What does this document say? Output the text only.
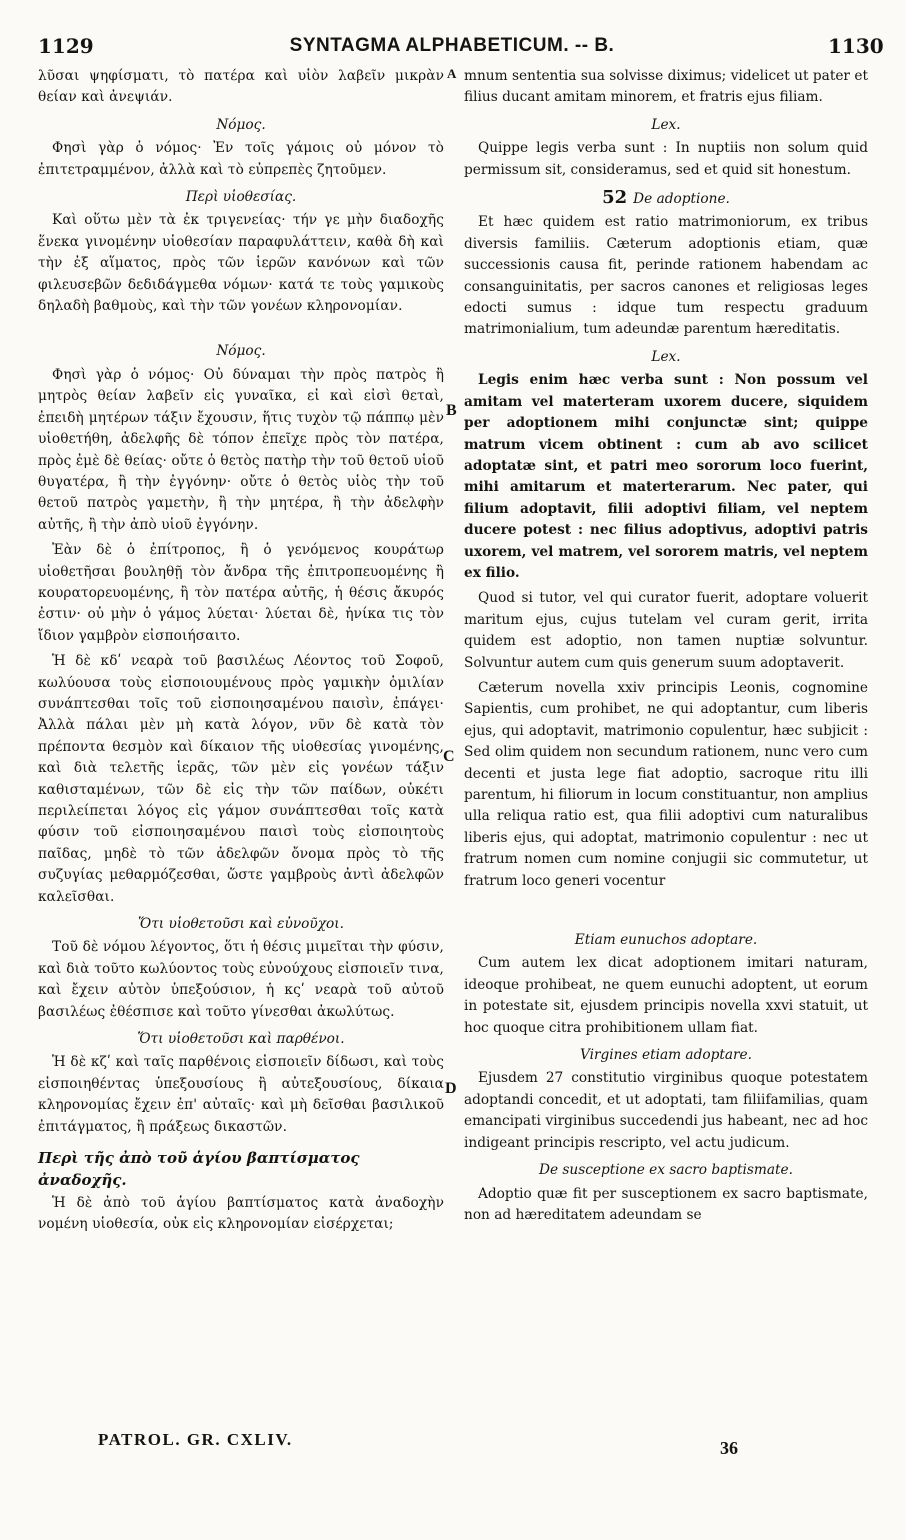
1129	SYNTAGMA ALPHABETICUM. -- B.	1130
A
B
C
D

λῦσαι ψηφίσματι, τὸ πατέρα καὶ υἱὸν λαβεῖν μικρὰν θείαν καὶ ἀνεψιάν.

Νόμος.

Φησὶ γὰρ ὁ νόμος· Ἐν τοῖς γάμοις οὐ μόνον τὸ ἐπιτετραμμένον, ἀλλὰ καὶ τὸ εὐπρεπὲς ζητοῦμεν.

Περὶ υἱοθεσίας.

Καὶ οὕτω μὲν τὰ ἐκ τριγενείας· τήν γε μὴν διαδοχῆς ἕνεκα γινομένην υἱοθεσίαν παραφυλάττειν, καθὰ δὴ καὶ τὴν ἐξ αἵματος, πρὸς τῶν ἱερῶν κανόνων καὶ τῶν φιλευσεβῶν δεδιδάγμεθα νόμων· κατά τε τοὺς γαμικοὺς δηλαδὴ βαθμοὺς, καὶ τὴν τῶν γονέων κληρονομίαν.

Νόμος.

Φησὶ γὰρ ὁ νόμος· Οὐ δύναμαι τὴν πρὸς πατρὸς ἢ μητρὸς θείαν λαβεῖν εἰς γυναῖκα, εἰ καὶ εἰσὶ θεταὶ, ἐπειδὴ μητέρων τάξιν ἔχουσιν, ἥτις τυχὸν τῷ πάππῳ μὲν υἱοθετήθη, ἀδελφῆς δὲ τόπον ἐπεῖχε πρὸς τὸν πατέρα, πρὸς ἐμὲ δὲ θείας· οὔτε ὁ θετὸς πατὴρ τὴν τοῦ θετοῦ υἱοῦ θυγατέρα, ἢ τὴν ἐγγόνην· οὔτε ὁ θετὸς υἱὸς τὴν τοῦ θετοῦ πατρὸς γαμετὴν, ἢ τὴν μητέρα, ἢ τὴν ἀδελφὴν αὐτῆς, ἢ τὴν ἀπὸ υἱοῦ ἐγγόνην.

Ἐὰν δὲ ὁ ἐπίτροπος, ἢ ὁ γενόμενος κουράτωρ υἱοθετῆσαι βουληθῇ τὸν ἄνδρα τῆς ἐπιτροπευομένης ἢ κουρατορευομένης, ἢ τὸν πατέρα αὐτῆς, ἡ θέσις ἄκυρός ἐστιν· οὐ μὴν ὁ γάμος λύεται· λύεται δὲ, ἡνίκα τις τὸν ἴδιον γαμβρὸν εἰσποιήσαιτο.

Ἡ δὲ κδʹ νεαρὰ τοῦ βασιλέως Λέοντος τοῦ Σοφοῦ, κωλύουσα τοὺς εἰσποιουμένους πρὸς γαμικὴν ὁμιλίαν συνάπτεσθαι τοῖς τοῦ εἰσποιησαμένου παισὶν, ἐπάγει· Ἀλλὰ πάλαι μὲν μὴ κατὰ λόγον, νῦν δὲ κατὰ τὸν πρέποντα θεσμὸν καὶ δίκαιον τῆς υἱοθεσίας γινομένης, καὶ διὰ τελετῆς ἱερᾶς, τῶν μὲν εἰς γονέων τάξιν καθισταμένων, τῶν δὲ εἰς τὴν τῶν παίδων, οὐκέτι περιλείπεται λόγος εἰς γάμον συνάπτεσθαι τοῖς κατὰ φύσιν τοῦ εἰσποιησαμένου παισὶ τοὺς εἰσποιητοὺς παῖδας, μηδὲ τὸ τῶν ἀδελφῶν ὄνομα πρὸς τὸ τῆς συζυγίας μεθαρμόζεσθαι, ὥστε γαμβροὺς ἀντὶ ἀδελφῶν καλεῖσθαι.

Ὅτι υἱοθετοῦσι καὶ εὐνοῦχοι.

Τοῦ δὲ νόμου λέγοντος, ὅτι ἡ θέσις μιμεῖται τὴν φύσιν, καὶ διὰ τοῦτο κωλύοντος τοὺς εὐνούχους εἰσποιεῖν τινα, καὶ ἔχειν αὐτὸν ὑπεξούσιον, ἡ κςʹ νεαρὰ τοῦ αὐτοῦ βασιλέως ἐθέσπισε καὶ τοῦτο γίνεσθαι ἀκωλύτως.

Ὅτι υἱοθετοῦσι καὶ παρθένοι.

Ἡ δὲ κζʹ καὶ ταῖς παρθένοις εἰσποιεῖν δίδωσι, καὶ τοὺς εἰσποιηθέντας ὑπεξουσίους ἢ αὐτεξουσίους, δίκαια κληρονομίας ἔχειν ἐπ' αὐταῖς· καὶ μὴ δεῖσθαι βασιλικοῦ ἐπιτάγματος, ἢ πράξεως δικαστῶν.

Περὶ τῆς ἀπὸ τοῦ ἁγίου βαπτίσματος ἀναδοχῆς.

Ἡ δὲ ἀπὸ τοῦ ἁγίου βαπτίσματος κατὰ ἀναδοχὴν νομένη υἱοθεσία, οὐκ εἰς κληρονομίαν εἰσέρχεται;

mnum sententia sua solvisse diximus; videlicet ut pater et filius ducant amitam minorem, et fratris ejus filiam.

Lex.

Quippe legis verba sunt : In nuptiis non solum quid permissum sit, consideramus, sed et quid sit honestum.

52 De adoptione.

Et hæc quidem est ratio matrimoniorum, ex tribus diversis familiis. Cæterum adoptionis etiam, quæ successionis causa fit, perinde rationem habendam ac consanguinitatis, per sacros canones et religiosas leges edocti sumus : idque tum respectu graduum matrimonialium, tum adeundæ parentum hæreditatis.

Lex.

Legis enim hæc verba sunt : Non possum vel amitam vel materteram uxorem ducere, siquidem per adoptionem mihi conjunctæ sint; quippe matrum vicem obtinent : cum ab avo scilicet adoptatæ sint, et patri meo sororum loco fuerint, mihi amitarum et materterarum. Nec pater, qui filium adoptavit, filii adoptivi filiam, vel neptem ducere potest : nec filius adoptivus, adoptivi patris uxorem, vel matrem, vel sororem matris, vel neptem ex filio.

Quod si tutor, vel qui curator fuerit, adoptare voluerit maritum ejus, cujus tutelam vel curam gerit, irrita quidem est adoptio, non tamen nuptiæ solvuntur. Solvuntur autem cum quis generum suum adoptaverit.

Cæterum novella xxiv principis Leonis, cognomine Sapientis, cum prohibet, ne qui adoptantur, cum liberis ejus, qui adoptavit, matrimonio copulentur, hæc subjicit : Sed olim quidem non secundum rationem, nunc vero cum decenti et justa lege fiat adoptio, sacroque ritu illi parentum, hi filiorum in locum constituantur, non amplius ulla reliqua ratio est, qua filii adoptivi cum naturalibus liberis ejus, qui adoptat, matrimonio copulentur : nec ut fratrum nomen cum nomine conjugii sic commutetur, ut fratrum loco generi vocentur

Etiam eunuchos adoptare.

Cum autem lex dicat adoptionem imitari naturam, ideoque prohibeat, ne quem eunuchi adoptent, ut eorum in potestate sit, ejusdem principis novella xxvi statuit, ut hoc quoque citra prohibitionem ullam fiat.

Virgines etiam adoptare.

Ejusdem 27 constitutio virginibus quoque potestatem adoptandi concedit, et ut adoptati, tam filiifamilias, quam emancipati virginibus succedendi jus habeant, nec ad hoc indigeant principis rescripto, vel actu judicum.

De susceptione ex sacro baptismate.

Adoptio quæ fit per susceptionem ex sacro baptismate, non ad hæreditatem adeundam se

PATROL. GR. CXLIV.	36
